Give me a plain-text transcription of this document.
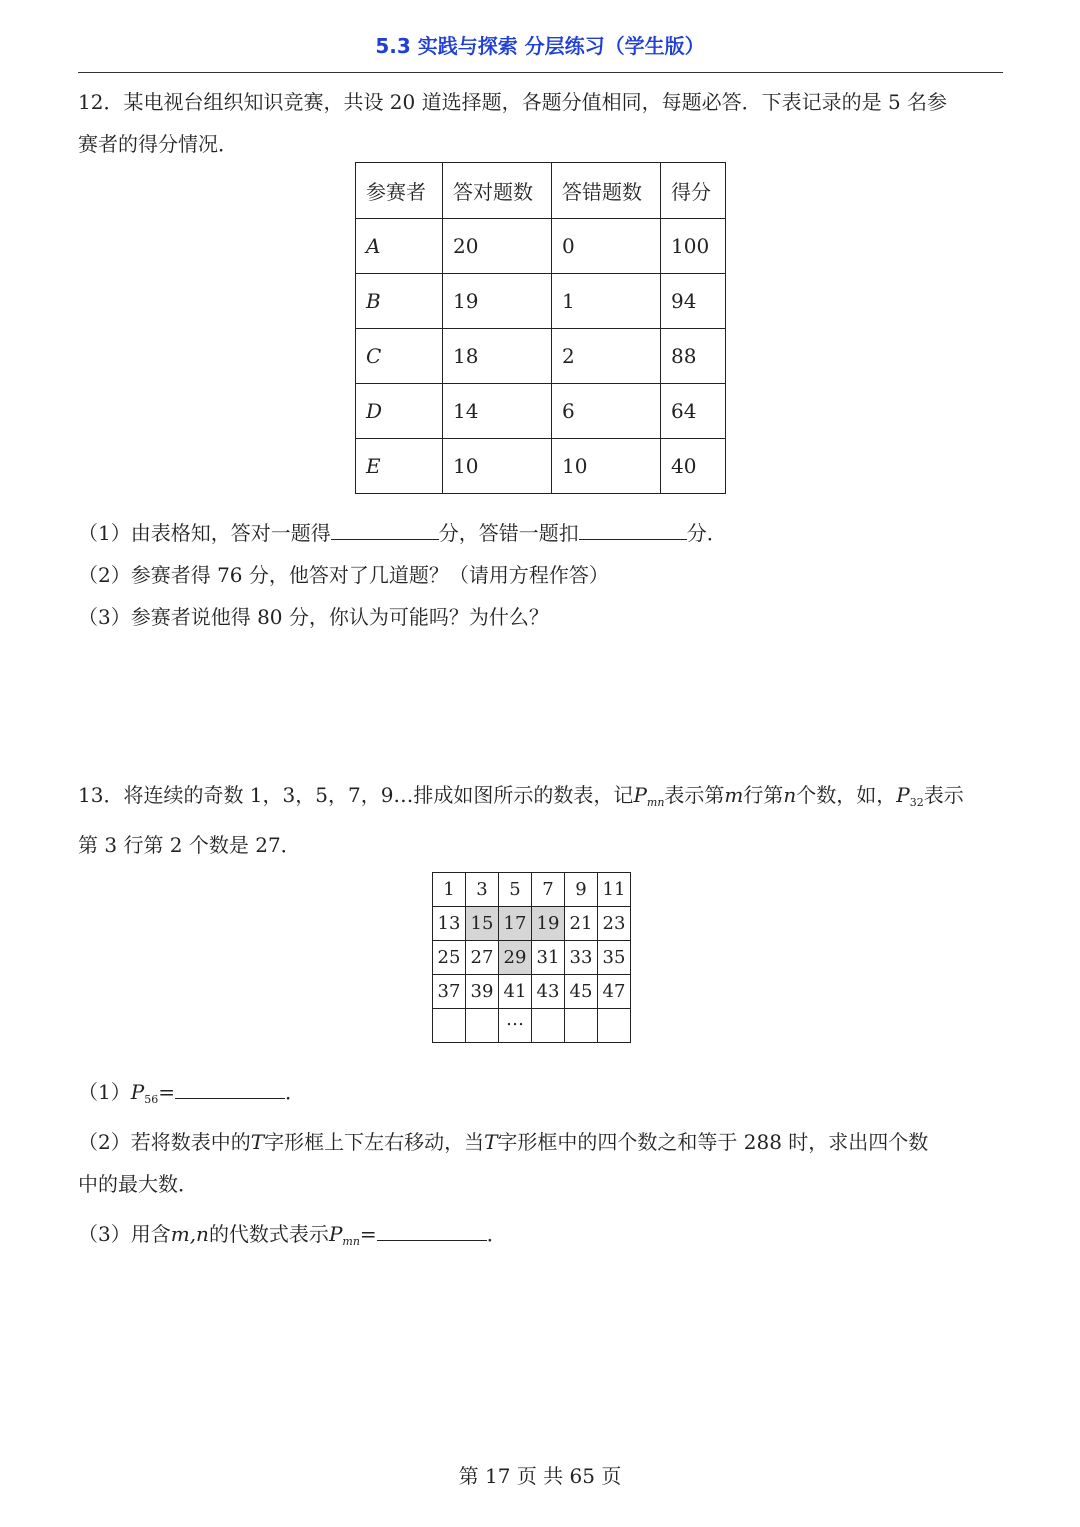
5.3 实践与探索 分层练习（学生版）
12．某电视台组织知识竞赛，共设 20 道选择题，各题分值相同，每题必答．下表记录的是 5 名参
赛者的得分情况．
参赛者	答对题数	答错题数	得分
A	20	0	100
B	19	1	94
C	18	2	88
D	14	6	64
E	10	10	40
（1）由表格知，答对一题得	分，答错一题扣	分．
（2）参赛者得 76 分，他答对了几道题？（请用方程作答）
（3）参赛者说他得 80 分，你认为可能吗？为什么？
13．将连续的奇数 1，3，5，7，9…排成如图所示的数表，记$P_{mn}$表示第m行第n个数，如，$P_{32}$表示
第 3 行第 2 个数是 27．
1	3	5	7	9	11
13	15	17	19	21	23
25	27	29	31	33	35
37	39	41	43	45	47
		…			
$(1)P_{56}=$	．
（2）若将数表中的T字形框上下左右移动，当T字形框中的四个数之和等于 288 时，求出四个数
中的最大数．
（3）用含m,n的代数式表示$P_{mn}=$	．
第 17 页 共 65 页
